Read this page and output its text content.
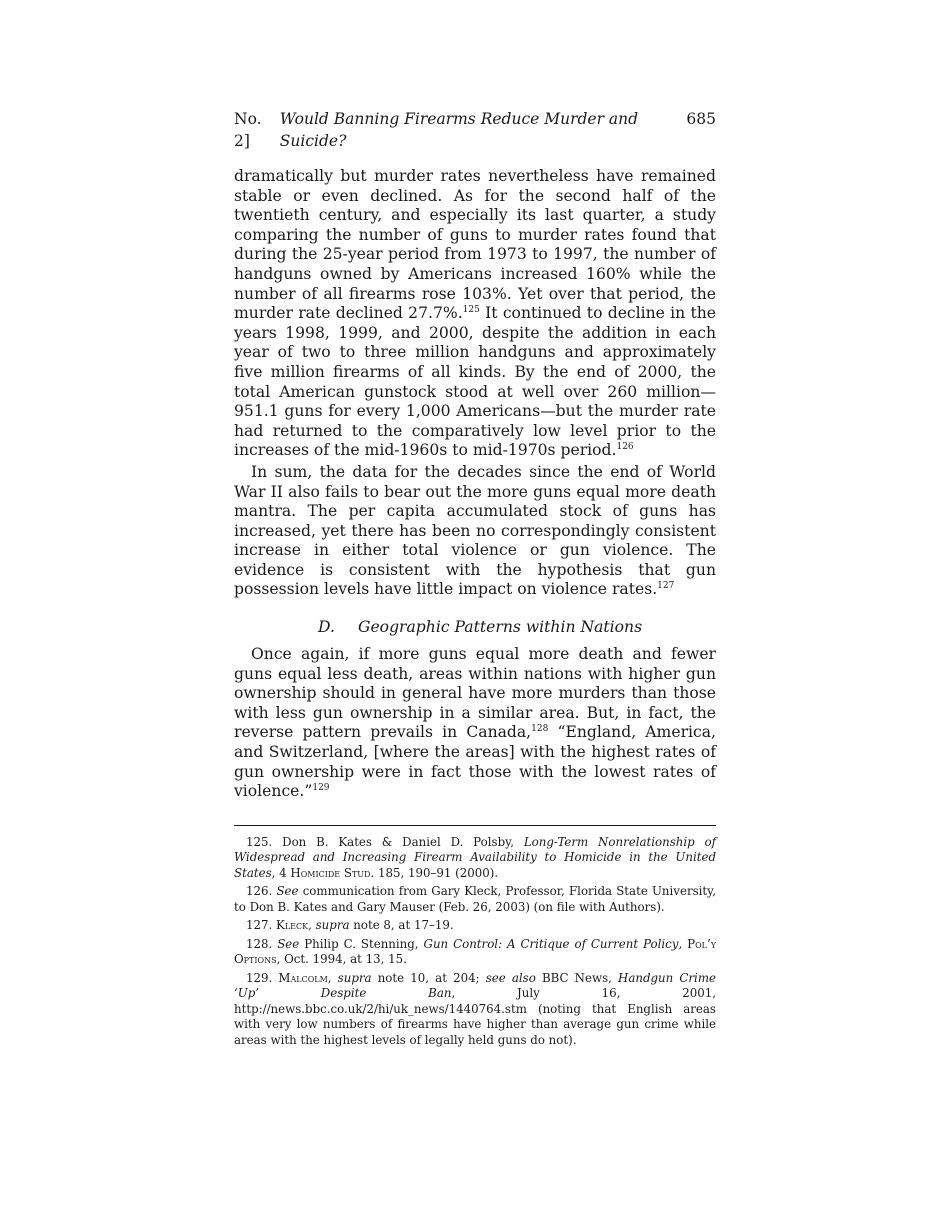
No. 2]
Would Banning Firearms Reduce Murder and Suicide?
685

dramatically but murder rates nevertheless have remained stable or even declined. As for the second half of the twentieth century, and especially its last quarter, a study comparing the number of guns to murder rates found that during the 25-year period from 1973 to 1997, the number of handguns owned by Americans increased 160% while the number of all firearms rose 103%. Yet over that period, the murder rate declined 27.7%.$^{125}$ It continued to decline in the years 1998, 1999, and 2000, despite the addition in each year of two to three million handguns and approximately five million firearms of all kinds. By the end of 2000, the total American gunstock stood at well over 260 million—951.1 guns for every 1,000 Americans—but the murder rate had returned to the comparatively low level prior to the increases of the mid-1960s to mid-1970s period.$^{126}$

In sum, the data for the decades since the end of World War II also fails to bear out the more guns equal more death mantra. The per capita accumulated stock of guns has increased, yet there has been no correspondingly consistent increase in either total violence or gun violence. The evidence is consistent with the hypothesis that gun possession levels have little impact on violence rates.$^{127}$

D. Geographic Patterns within Nations

Once again, if more guns equal more death and fewer guns equal less death, areas within nations with higher gun ownership should in general have more murders than those with less gun ownership in a similar area. But, in fact, the reverse pattern prevails in Canada,$^{128}$ “England, America, and Switzerland, [where the areas] with the highest rates of gun ownership were in fact those with the lowest rates of violence.”$^{129}$

125. Don B. Kates & Daniel D. Polsby, Long-Term Nonrelationship of Widespread and Increasing Firearm Availability to Homicide in the United States, 4 Homicide Stud. 185, 190–91 (2000).

126. See communication from Gary Kleck, Professor, Florida State University, to Don B. Kates and Gary Mauser (Feb. 26, 2003) (on file with Authors).

127. Kleck, supra note 8, at 17–19.

128. See Philip C. Stenning, Gun Control: A Critique of Current Policy, Pol’y Options, Oct. 1994, at 13, 15.

129. Malcolm, supra note 10, at 204; see also BBC News, Handgun Crime ‘Up’ Despite Ban, July 16, 2001, http://news.bbc.co.uk/2/hi/uk_news/1440764.stm (noting that English areas with very low numbers of firearms have higher than average gun crime while areas with the highest levels of legally held guns do not).
